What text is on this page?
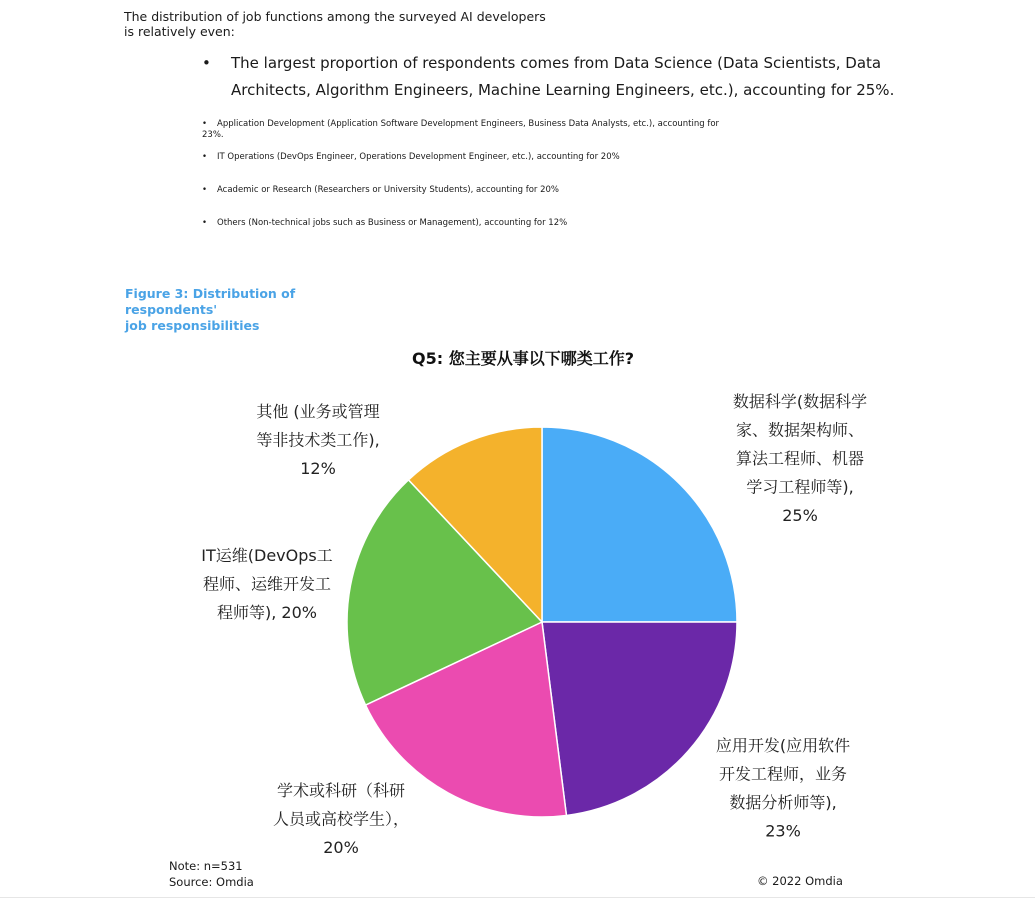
The distribution of job functions among the surveyed AI developers is relatively even:
•	The largest proportion of respondents comes from Data Science (Data Scientists, Data Architects, Algorithm Engineers, Machine Learning Engineers, etc.), accounting for 25%.
•	Application Development (Application Software Development Engineers, Business Data Analysts, etc.), accounting for
23%.
•	IT Operations (DevOps Engineer, Operations Development Engineer, etc.), accounting for 20%
•	Academic or Research (Researchers or University Students), accounting for 20%
•	Others (Non-technical jobs such as Business or Management), accounting for 12%
Figure 3: Distribution of respondents'
job responsibilities
Q5: 您主要从事以下哪类工作?
数据科学(数据科学家、数据架构师、算法工程师、机器学习工程师等), 25%
应用开发(应用软件开发工程师，业务数据分析师等), 23%
学术或科研（科研人员或高校学生）， 20%
IT运维(DevOps工程师、运维开发工程师等), 20%
其他 (业务或管理等非技术类工作), 12%
Note: n=531
Source: Omdia	© 2022 Omdia
